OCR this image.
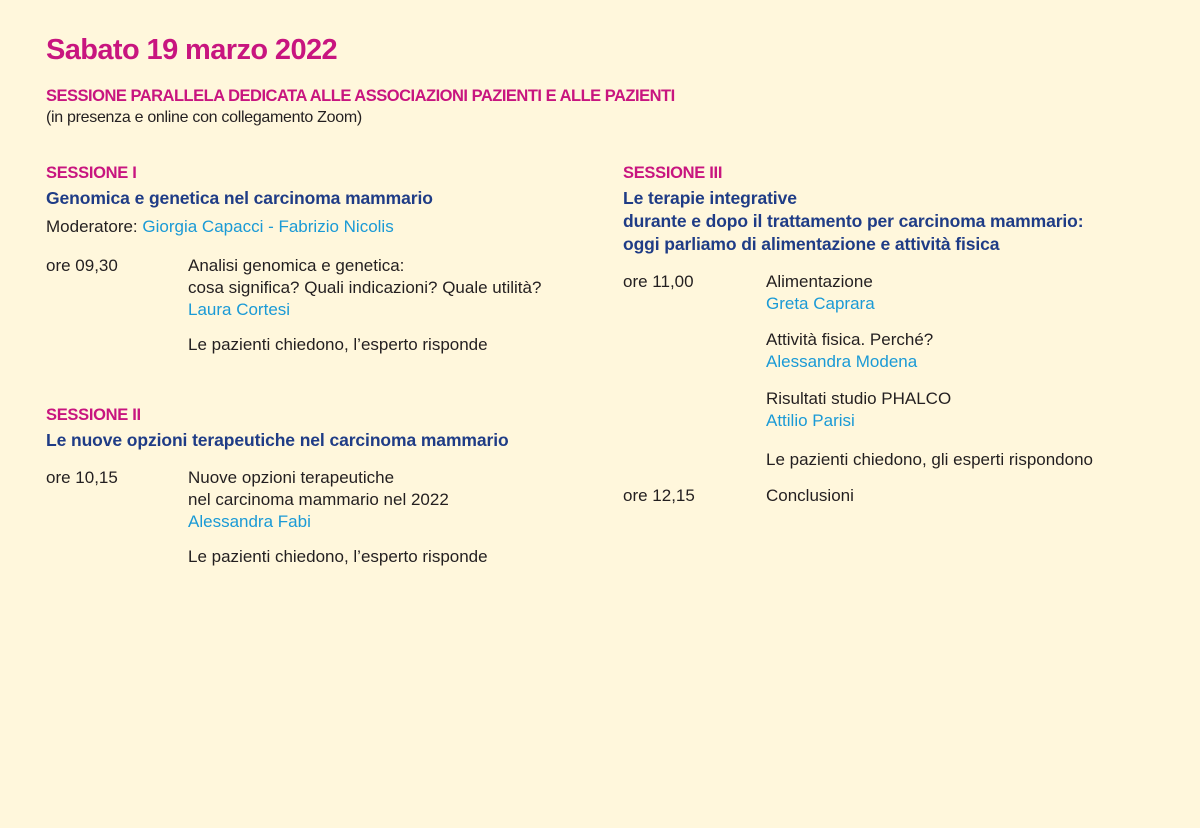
Sabato 19 marzo 2022
SESSIONE PARALLELA DEDICATA ALLE ASSOCIAZIONI PAZIENTI E ALLE PAZIENTI
(in presenza e online con collegamento Zoom)
SESSIONE I
Genomica e genetica nel carcinoma mammario
Moderatore: Giorgia Capacci - Fabrizio Nicolis
ore 09,30	Analisi genomica e genetica:
cosa significa? Quali indicazioni? Quale utilità?
Laura Cortesi
Le pazienti chiedono, l’esperto risponde
SESSIONE II
Le nuove opzioni terapeutiche nel carcinoma mammario
ore 10,15	Nuove opzioni terapeutiche
nel carcinoma mammario nel 2022
Alessandra Fabi
Le pazienti chiedono, l’esperto risponde
SESSIONE III
Le terapie integrative
durante e dopo il trattamento per carcinoma mammario:
oggi parliamo di alimentazione e attività fisica
ore 11,00	Alimentazione
Greta Caprara
Attività fisica. Perché?
Alessandra Modena
Risultati studio PHALCO
Attilio Parisi
Le pazienti chiedono, gli esperti rispondono
ore 12,15	Conclusioni
